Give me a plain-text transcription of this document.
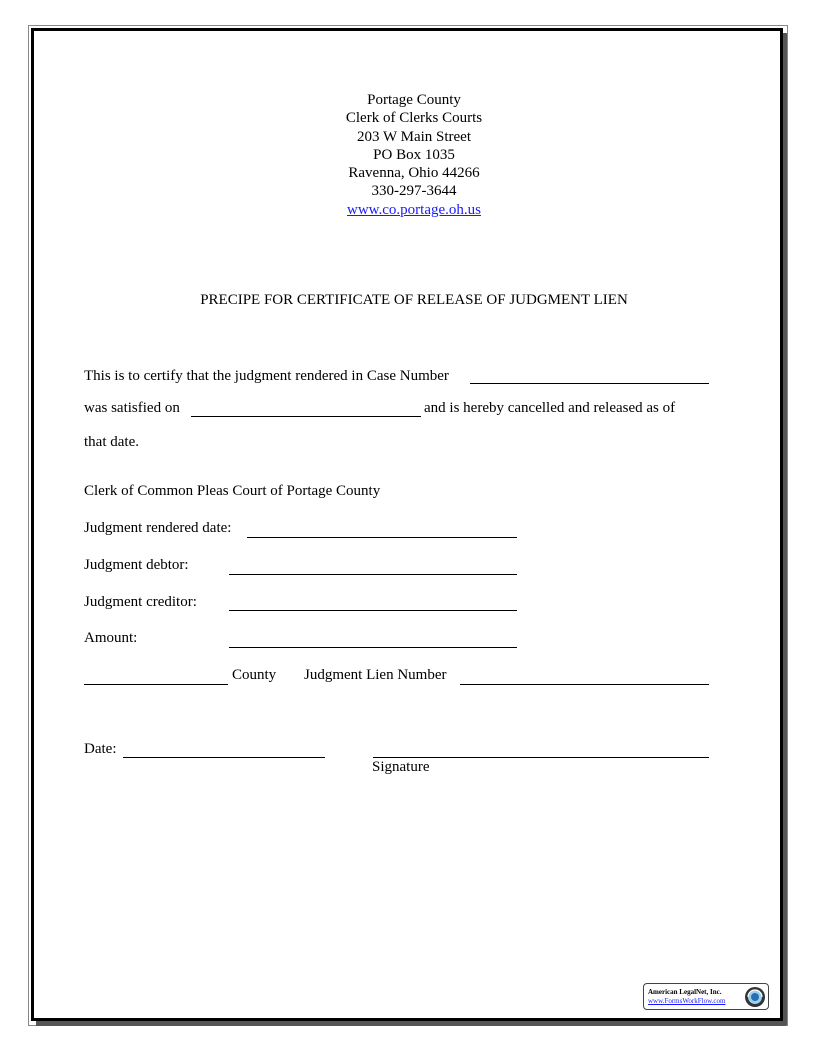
Portage County
Clerk of Clerks Courts
203 W Main Street
PO Box 1035
Ravenna, Ohio 44266
330-297-3644
www.co.portage.oh.us
PRECIPE FOR CERTIFICATE OF RELEASE OF JUDGMENT LIEN
This is to certify that the judgment rendered in Case Number
was satisfied on	and is hereby cancelled and released as of
that date.
Clerk of Common Pleas Court of Portage County
Judgment rendered date:
Judgment debtor:
Judgment creditor:
Amount:
County Judgment Lien Number
Date:
Signature
American LegalNet, Inc.
www.FormsWorkFlow.com
